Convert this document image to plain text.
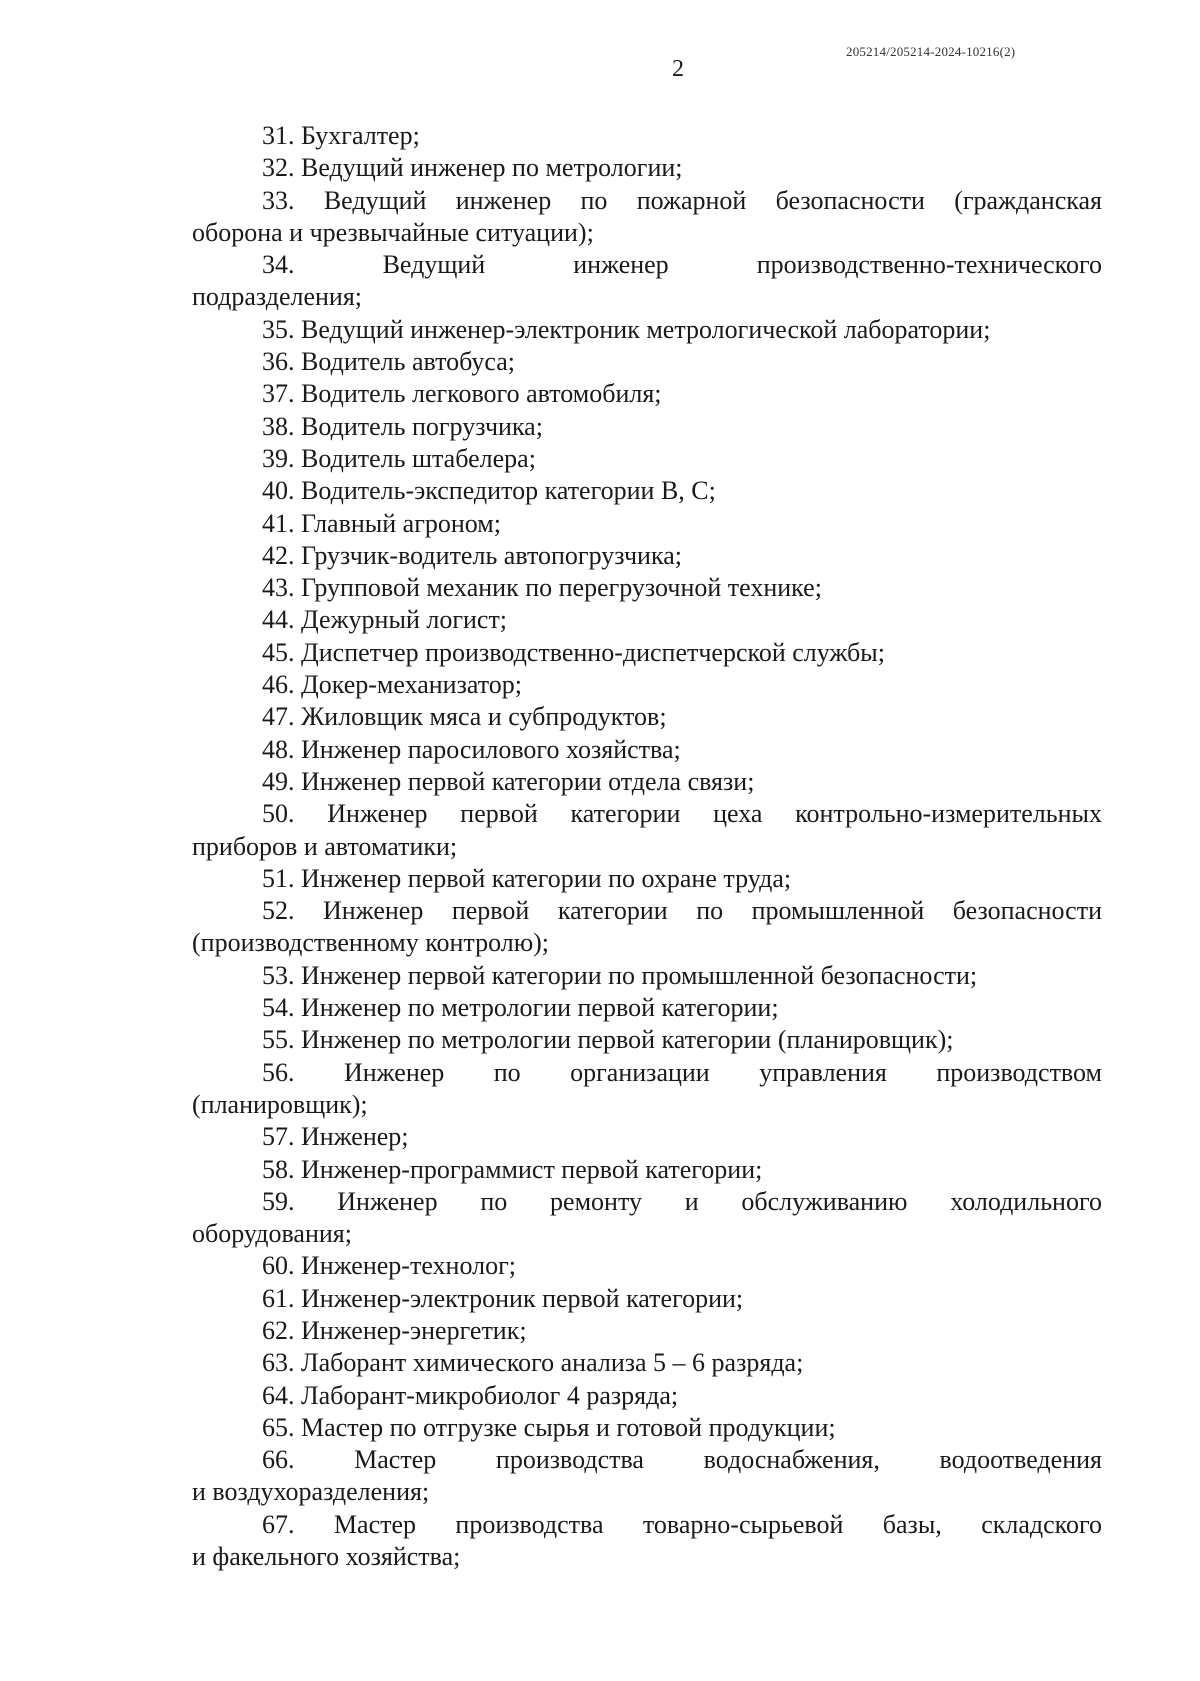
205214/205214-2024-10216(2)
2
31. Бухгалтер;
32. Ведущий инженер по метрологии;
33. Ведущий инженер по пожарной безопасности (гражданская
оборона и чрезвычайные ситуации);
34. Ведущий инженер производственно-технического
подразделения;
35. Ведущий инженер-электроник метрологической лаборатории;
36. Водитель автобуса;
37. Водитель легкового автомобиля;
38. Водитель погрузчика;
39. Водитель штабелера;
40. Водитель-экспедитор категории В, С;
41. Главный агроном;
42. Грузчик-водитель автопогрузчика;
43. Групповой механик по перегрузочной технике;
44. Дежурный логист;
45. Диспетчер производственно-диспетчерской службы;
46. Докер-механизатор;
47. Жиловщик мяса и субпродуктов;
48. Инженер паросилового хозяйства;
49. Инженер первой категории отдела связи;
50. Инженер первой категории цеха контрольно-измерительных
приборов и автоматики;
51. Инженер первой категории по охране труда;
52. Инженер первой категории по промышленной безопасности
(производственному контролю);
53. Инженер первой категории по промышленной безопасности;
54. Инженер по метрологии первой категории;
55. Инженер по метрологии первой категории (планировщик);
56. Инженер по организации управления производством
(планировщик);
57. Инженер;
58. Инженер-программист первой категории;
59. Инженер по ремонту и обслуживанию холодильного
оборудования;
60. Инженер-технолог;
61. Инженер-электроник первой категории;
62. Инженер-энергетик;
63. Лаборант химического анализа 5 – 6 разряда;
64. Лаборант-микробиолог 4 разряда;
65. Мастер по отгрузке сырья и готовой продукции;
66. Мастер производства водоснабжения, водоотведения
и воздухоразделения;
67. Мастер производства товарно-сырьевой базы, складского
и факельного хозяйства;
